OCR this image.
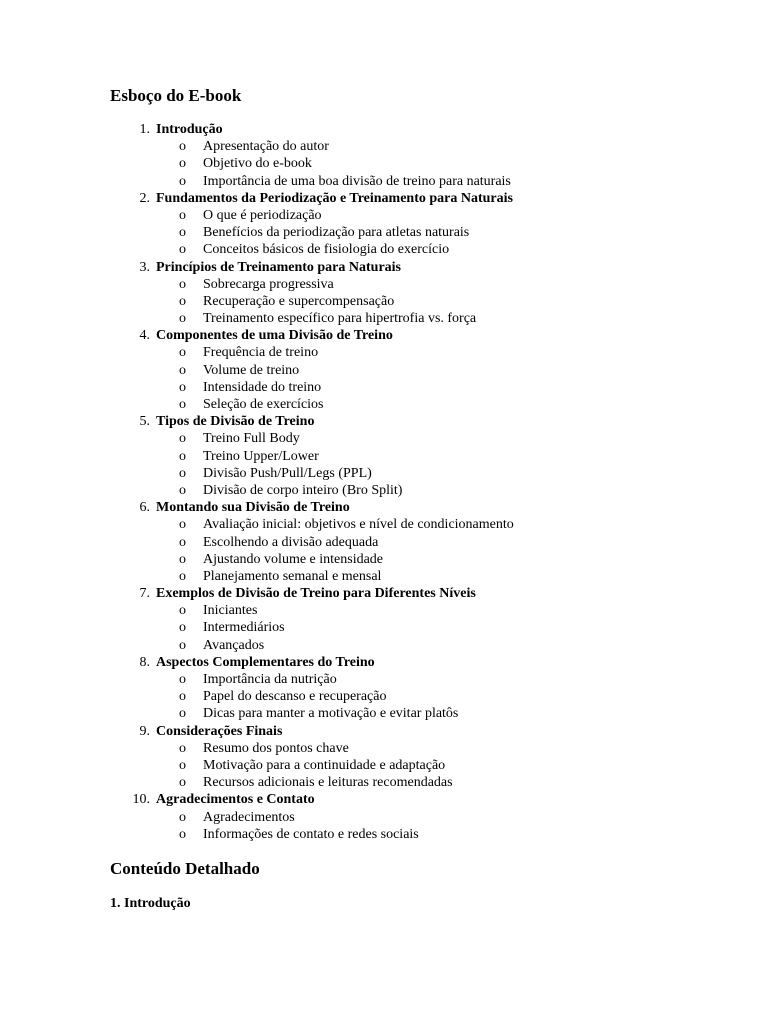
Esboço do E-book
1. Introdução
o Apresentação do autor
o Objetivo do e-book
o Importância de uma boa divisão de treino para naturais
2. Fundamentos da Periodização e Treinamento para Naturais
o O que é periodização
o Benefícios da periodização para atletas naturais
o Conceitos básicos de fisiologia do exercício
3. Princípios de Treinamento para Naturais
o Sobrecarga progressiva
o Recuperação e supercompensação
o Treinamento específico para hipertrofia vs. força
4. Componentes de uma Divisão de Treino
o Frequência de treino
o Volume de treino
o Intensidade do treino
o Seleção de exercícios
5. Tipos de Divisão de Treino
o Treino Full Body
o Treino Upper/Lower
o Divisão Push/Pull/Legs (PPL)
o Divisão de corpo inteiro (Bro Split)
6. Montando sua Divisão de Treino
o Avaliação inicial: objetivos e nível de condicionamento
o Escolhendo a divisão adequada
o Ajustando volume e intensidade
o Planejamento semanal e mensal
7. Exemplos de Divisão de Treino para Diferentes Níveis
o Iniciantes
o Intermediários
o Avançados
8. Aspectos Complementares do Treino
o Importância da nutrição
o Papel do descanso e recuperação
o Dicas para manter a motivação e evitar platôs
9. Considerações Finais
o Resumo dos pontos chave
o Motivação para a continuidade e adaptação
o Recursos adicionais e leituras recomendadas
10. Agradecimentos e Contato
o Agradecimentos
o Informações de contato e redes sociais
Conteúdo Detalhado
1. Introdução
